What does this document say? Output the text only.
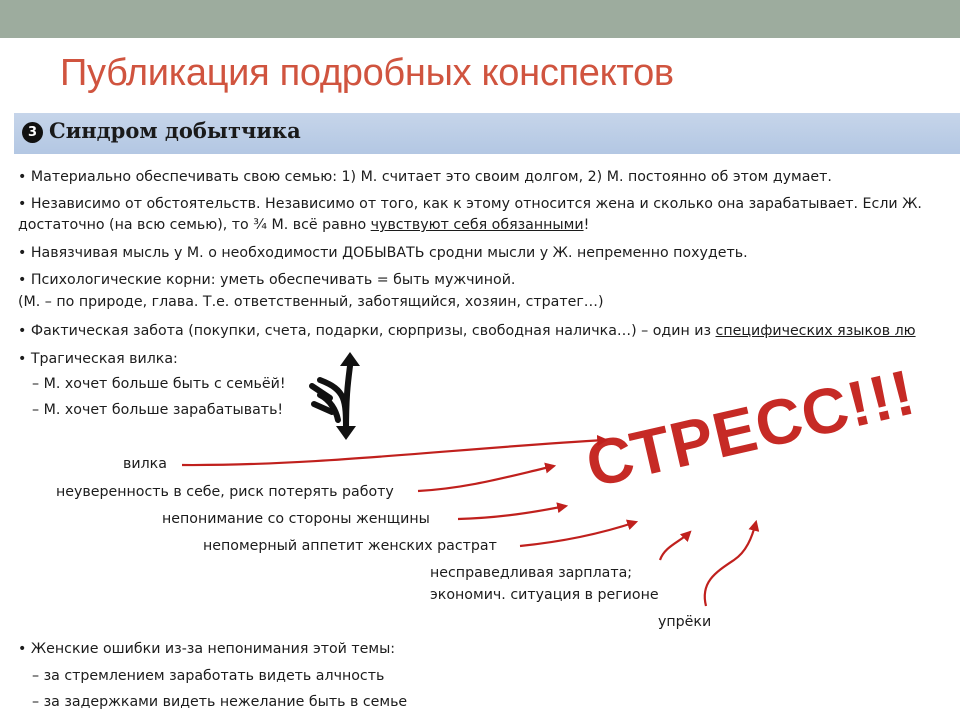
Публикация подробных конспектов
3 Синдром добытчика
• Материально обеспечивать свою семью: 1) М. считает это своим долгом, 2) М. постоянно об этом думает.
• Независимо от обстоятельств. Независимо от того, как к этому относится жена и сколько она зарабатывает. Если Ж.
достаточно (на всю семью), то ¾ М. всё равно чувствуют себя обязанными!
• Навязчивая мысль у М. о необходимости ДОБЫВАТЬ сродни мысли у Ж. непременно похудеть.
• Психологические корни: уметь обеспечивать = быть мужчиной.
(М. – по природе, глава. Т.е. ответственный, заботящийся, хозяин, стратег…)
• Фактическая забота (покупки, счета, подарки, сюрпризы, свободная наличка…) – один из специфических языков лю
• Трагическая вилка:
– М. хочет больше быть с семьёй!
– М. хочет больше зарабатывать!
вилка
неуверенность в себе, риск потерять работу
непонимание со стороны женщины
непомерный аппетит женских растрат
несправедливая зарплата;
экономич. ситуация в регионе
упрёки
• Женские ошибки из-за непонимания этой темы:
– за стремлением заработать видеть алчность
– за задержками видеть нежелание быть в семье
СТРЕСС!!!
